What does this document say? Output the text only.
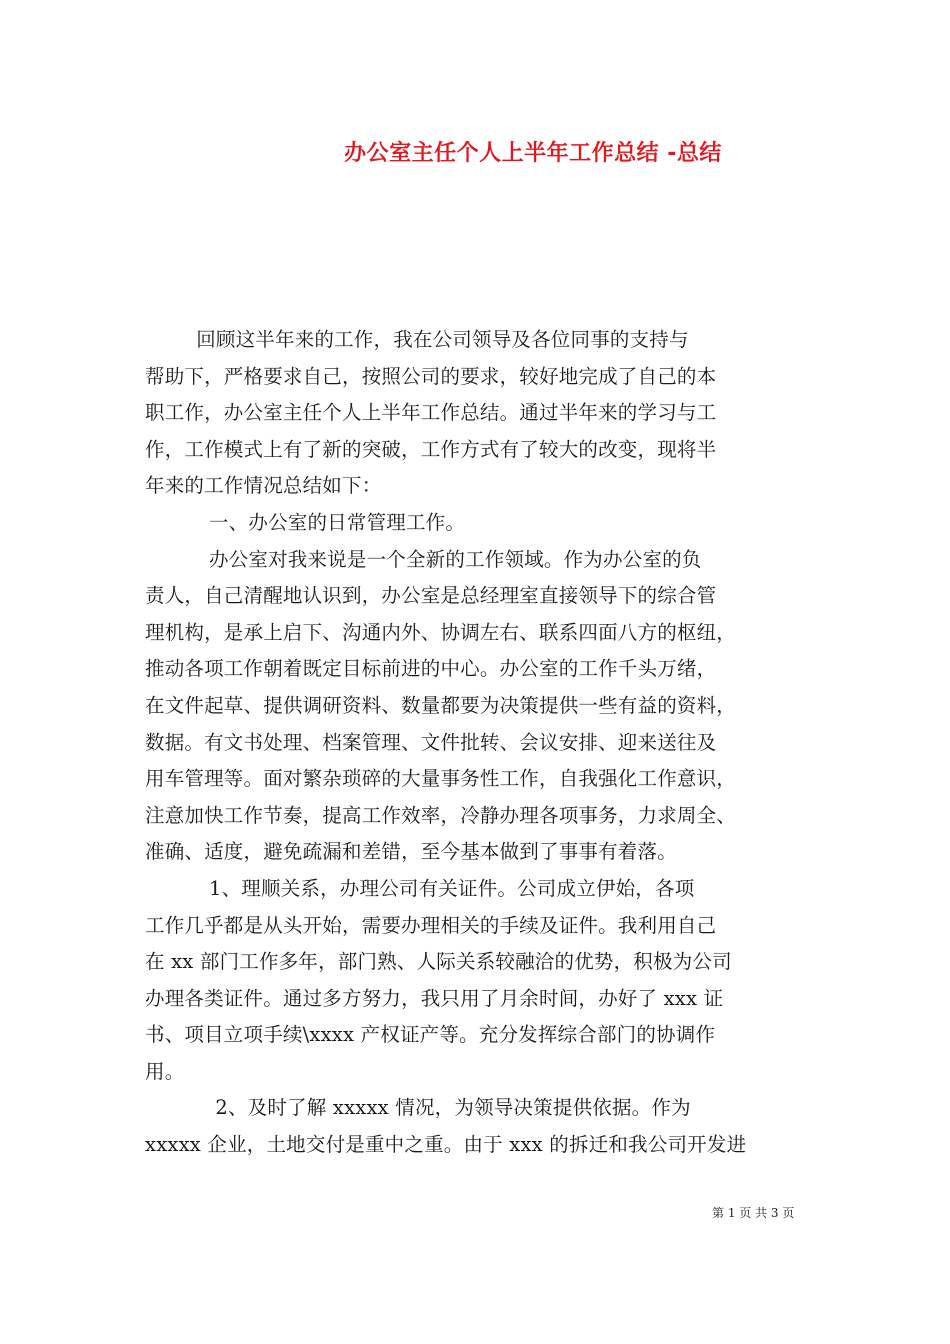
办公室主任个人上半年工作总结 -总结
回顾这半年来的工作，我在公司领导及各位同事的支持与
帮助下，严格要求自己，按照公司的要求，较好地完成了自己的本
职工作，办公室主任个人上半年工作总结。通过半年来的学习与工
作，工作模式上有了新的突破，工作方式有了较大的改变，现将半
年来的工作情况总结如下：
一、办公室的日常管理工作。
办公室对我来说是一个全新的工作领域。作为办公室的负
责人，自己清醒地认识到，办公室是总经理室直接领导下的综合管
理机构，是承上启下、沟通内外、协调左右、联系四面八方的枢纽，
推动各项工作朝着既定目标前进的中心。办公室的工作千头万绪，
在文件起草、提供调研资料、数量都要为决策提供一些有益的资料，
数据。有文书处理、档案管理、文件批转、会议安排、迎来送往及
用车管理等。面对繁杂琐碎的大量事务性工作，自我强化工作意识，
注意加快工作节奏，提高工作效率，冷静办理各项事务，力求周全、
准确、适度，避免疏漏和差错，至今基本做到了事事有着落。
1、理顺关系，办理公司有关证件。公司成立伊始，各项
工作几乎都是从头开始，需要办理相关的手续及证件。我利用自己
在 xx 部门工作多年，部门熟、人际关系较融洽的优势，积极为公司
办理各类证件。通过多方努力，我只用了月余时间，办好了 xxx 证
书、项目立项手续\xxxx 产权证产等。充分发挥综合部门的协调作
用。
2、及时了解 xxxxx 情况，为领导决策提供依据。作为
xxxxx 企业，土地交付是重中之重。由于 xxx 的拆迁和我公司开发进
第 1 页 共 3 页
